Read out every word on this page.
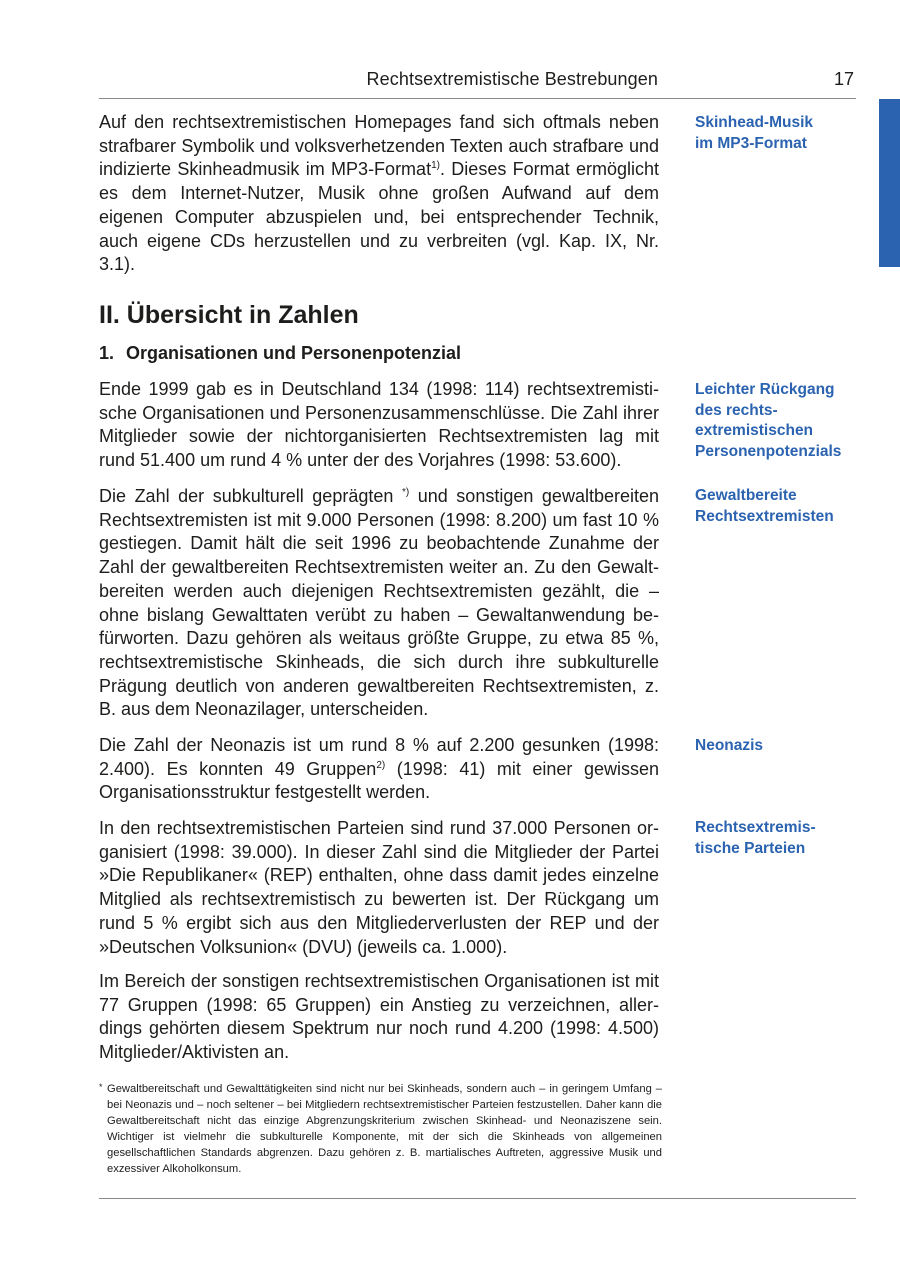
Rechtsextremistische Bestrebungen	17
Skinhead-Musik
im MP3-Format
Leichter Rückgang
des rechts-
extremistischen
Personenpotenzials
Gewaltbereite
Rechtsextremisten
Neonazis
Rechtsextremis-
tische Parteien
Auf den rechtsextremistischen Homepages fand sich oftmals neben strafbarer Symbolik und volksverhetzenden Texten auch strafbare und indizierte Skinheadmusik im MP3-Format$^{1)}$. Dieses Format ermöglicht es dem Internet-Nutzer, Musik ohne großen Aufwand auf dem eigenen Computer abzuspielen und, bei entsprechender Technik, auch eigene CDs herzustellen und zu verbreiten (vgl. Kap. IX, Nr. 3.1).
II. Übersicht in Zahlen
1. Organisationen und Personenpotenzial
Ende 1999 gab es in Deutschland 134 (1998: 114) rechtsextremistische Organisationen und Personenzusammenschlüsse. Die Zahl ihrer Mitglieder sowie der nichtorganisierten Rechtsextremisten lag mit rund 51.400 um rund 4 % unter der des Vorjahres (1998: 53.600).
Die Zahl der subkulturell geprägten *) und sonstigen gewaltbereiten Rechtsextremisten ist mit 9.000 Personen (1998: 8.200) um fast 10 % gestiegen. Damit hält die seit 1996 zu beobachtende Zunahme der Zahl der gewaltbereiten Rechtsextremisten weiter an. Zu den Gewaltbereiten werden auch diejenigen Rechtsextremisten gezählt, die – ohne bislang Gewalttaten verübt zu haben – Gewaltanwendung befürworten. Dazu gehören als weitaus größte Gruppe, zu etwa 85 %, rechtsextremistische Skinheads, die sich durch ihre subkulturelle Prägung deutlich von anderen gewaltbereiten Rechtsextremisten, z. B. aus dem Neonazilager, unterscheiden.
Die Zahl der Neonazis ist um rund 8 % auf 2.200 gesunken (1998: 2.400). Es konnten 49 Gruppen$^{2)}$ (1998: 41) mit einer gewissen Organisationsstruktur festgestellt werden.
In den rechtsextremistischen Parteien sind rund 37.000 Personen organisiert (1998: 39.000). In dieser Zahl sind die Mitglieder der Partei »Die Republikaner« (REP) enthalten, ohne dass damit jedes einzelne Mitglied als rechtsextremistisch zu bewerten ist. Der Rückgang um rund 5 % ergibt sich aus den Mitgliederverlusten der REP und der »Deutschen Volksunion« (DVU) (jeweils ca. 1.000).
Im Bereich der sonstigen rechtsextremistischen Organisationen ist mit 77 Gruppen (1998: 65 Gruppen) ein Anstieg zu verzeichnen, allerdings gehörten diesem Spektrum nur noch rund 4.200 (1998: 4.500) Mitglieder/Aktivisten an.
* Gewaltbereitschaft und Gewalttätigkeiten sind nicht nur bei Skinheads, sondern auch – in geringem Umfang – bei Neonazis und – noch seltener – bei Mitgliedern rechtsextremistischer Parteien festzustellen. Daher kann die Gewaltbereitschaft nicht das einzige Abgrenzungskriterium zwischen Skinhead- und Neonaziszene sein. Wichtiger ist vielmehr die subkulturelle Komponente, mit der sich die Skinheads von allgemeinen gesellschaftlichen Standards abgrenzen. Dazu gehören z. B. martialisches Auftreten, aggressive Musik und exzessiver Alkoholkonsum.
